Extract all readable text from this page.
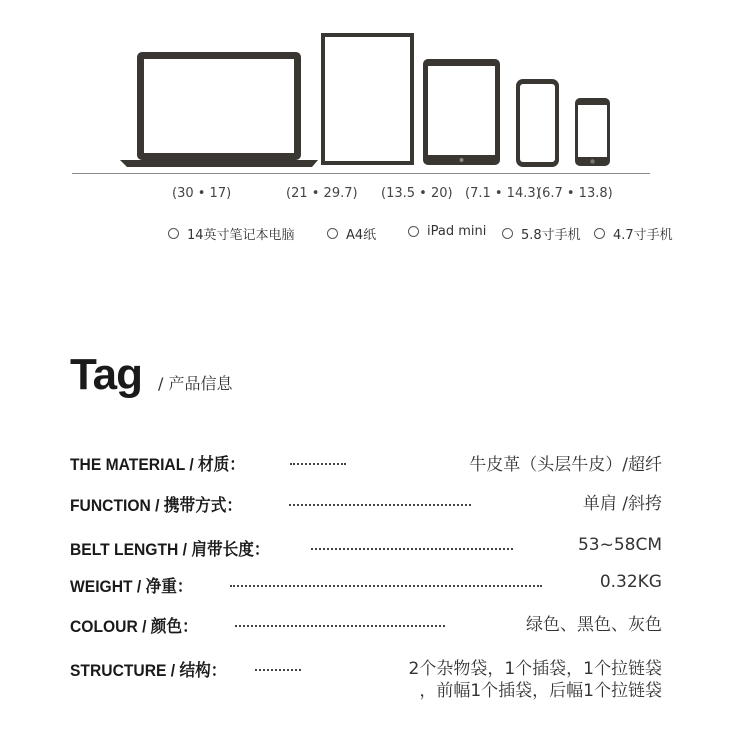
(30 • 17)	(21 • 29.7) (13.5 • 20) (7.1 • 14.3)
(6.7 • 13.8)
14英寸笔记本电脑	A4纸	iPad mini	5.8寸手机 4.7寸手机
Tag / 产品信息
THE MATERIAL / 材质：	牛皮革（头层牛皮）/超纤
FUNCTION / 携带方式：	单肩 /斜挎
BELT LENGTH / 肩带长度：	53~58CM
WEIGHT / 净重：	0.32KG
COLOUR / 颜色：	绿色、黑色、灰色
STRUCTURE / 结构：	2个杂物袋，1个插袋，1个拉链袋
，前幅1个插袋，后幅1个拉链袋
